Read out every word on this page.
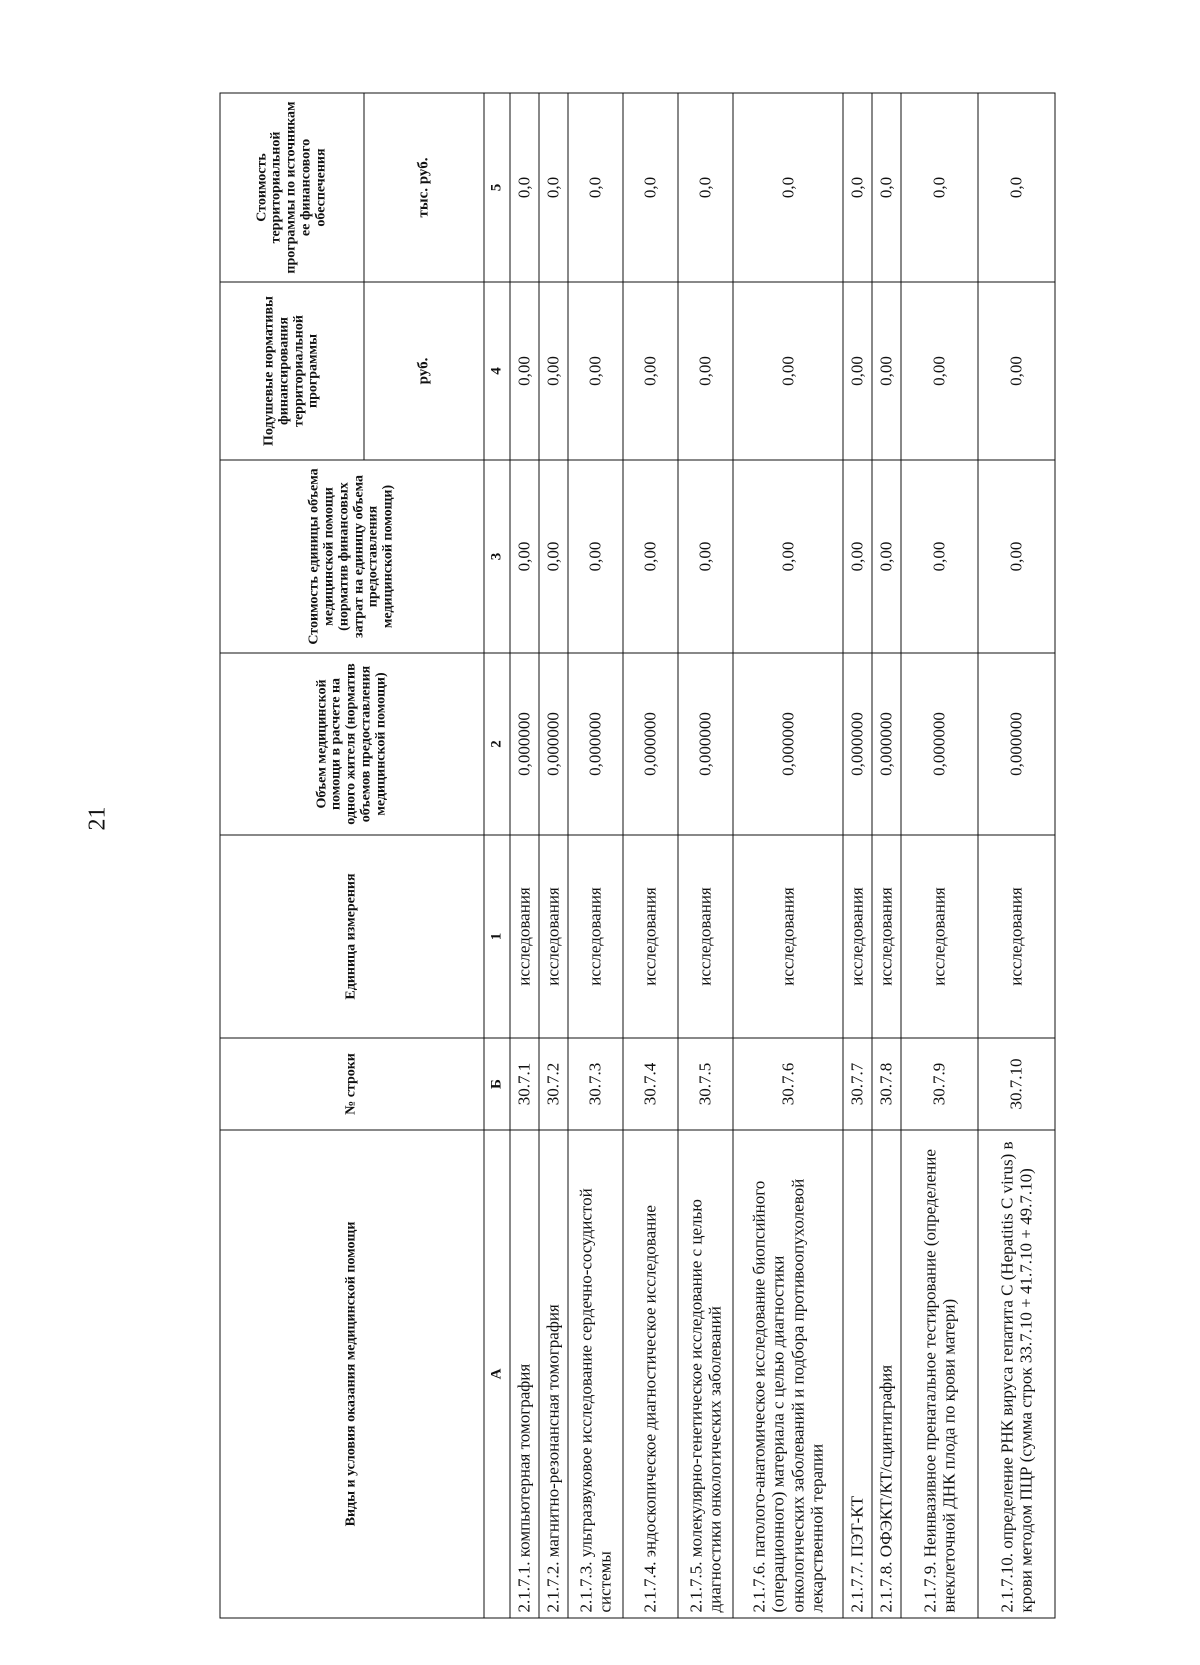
21
Виды и условия оказания медицинской помощи	№ строки	Единица измерения	Объем медицинской помощи в расчете на одного жителя (норматив объемов предоставления медицинской помощи)	Стоимость единицы объема медицинской помощи (норматив финансовых затрат на единицу объема предоставления медицинской помощи)	Подушевые нормативы финансирования территориальной программы	Стоимость территориальной программы по источникам ее финансового обеспечения
					руб.	тыс. руб.
А	Б	1	2	3	4	5
2.1.7.1. компьютерная томография	30.7.1	исследования	0,000000	0,00	0,00	0,0
2.1.7.2. магнитно-резонансная томография	30.7.2	исследования	0,000000	0,00	0,00	0,0
2.1.7.3. ультразвуковое исследование сердечно-сосудистой системы	30.7.3	исследования	0,000000	0,00	0,00	0,0
2.1.7.4. эндоскопическое диагностическое исследование	30.7.4	исследования	0,000000	0,00	0,00	0,0
2.1.7.5. молекулярно-генетическое исследование с целью диагностики онкологических заболеваний	30.7.5	исследования	0,000000	0,00	0,00	0,0
2.1.7.6. патолого-анатомическое исследование биопсийного (операционного) материала с целью диагностики онкологических заболеваний и подбора противоопухолевой лекарственной терапии	30.7.6	исследования	0,000000	0,00	0,00	0,0
2.1.7.7. ПЭТ-КТ	30.7.7	исследования	0,000000	0,00	0,00	0,0
2.1.7.8. ОФЭКТ/КТ/сцинтиграфия	30.7.8	исследования	0,000000	0,00	0,00	0,0
2.1.7.9. Неинвазивное пренатальное тестирование (определение внеклеточной ДНК плода по крови матери)	30.7.9	исследования	0,000000	0,00	0,00	0,0
2.1.7.10. определение РНК вируса гепатита С (Hepatitis C virus) в крови методом ПЦР (сумма строк 33.7.10 + 41.7.10 + 49.7.10)	30.7.10	исследования	0,000000	0,00	0,00	0,0
